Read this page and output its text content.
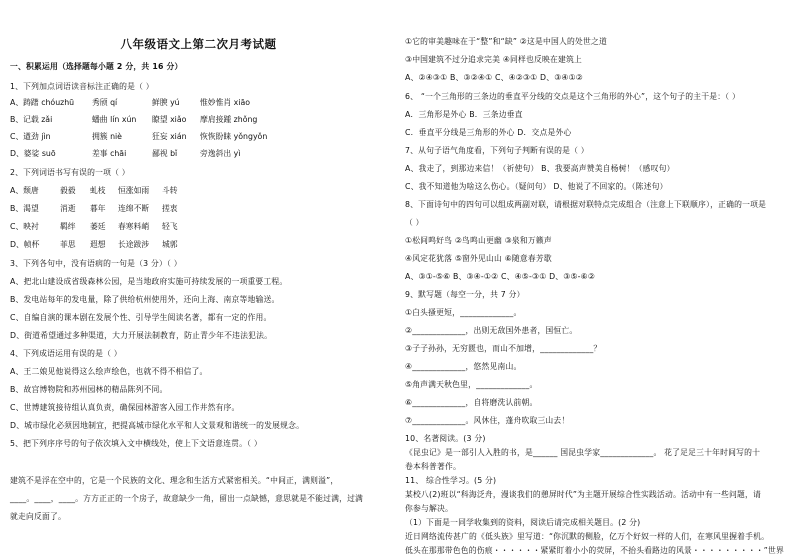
八年级语文上第二次月考试题
一、积累运用（选择题每小题 2 分，共 16 分）
1、下列加点词语读音标注正确的是（ ）
A、踌躇 chóuzhū 秀颀 qí	鲜腴 yú	惟妙惟肖 xiāo
B、记载 zǎi	蟠曲 lín xún 瞭望 xiǎo 摩肩接踵 zhǒng
C、遒劲 jìn	拥簇 niè	狂妄 xián 恢恢盼睐 yǒngyǒn
D、婆娑 suō	差事 chāi	鄙视 bǐ	旁逸斜出 yì
2、下列词语书写有误的一项（ ）
A、颓唐	毅毅 虬枝 恒涨如雨 斗转
B、渴望	消逝 暮年 连绵不断 搓衷
C、映衬	羁绊 萎廷 春寒料峭 轻飞
D、帧杯	菲思 遐想 长途跋涉 城郭
3、下列各句中，没有语病的一句是（3 分）（ ）
A、把北山建设成省级森林公园，是当地政府实施可持续发展的一项重要工程。
B、发电站每年的发电量，除了供给杭州使用外，还向上海、南京等地输送。
C、自编自演的课本剧在发展个性、引导学生阅读名著，都有一定的作用。
D、街道希望通过多种渠道，大力开展法制教育，防止青少年不违法犯法。
4、下列成语运用有误的是（ ）
A、王二娘见他说得这么绘声绘色，也就不得不相信了。
B、故宫博物院和苏州园林的精品陈列不同。
C、世博建筑接待组认真负责，确保园林游客入园工作井然有序。
D、城市绿化必须因地制宜，把提高城市绿化水平和人文景观和谐统一的发展规念。
5、把下列序序号的句子依次填入文中横线处，使上下文语意连贯。（ ）
建筑不是浮在空中的，它是一个民族的文化、理念和生活方式紧密相关。“中间正，满则溢”，
____。____，____。方方正正的一个房子，故意缺少一角，留出一点缺憾，意思就是不能过满，过满
就走向反面了。
①它的审美趣味在于“整”和“缺” ②这是中国人的处世之道
③中国建筑不过分追求完美 ④同样也反映在建筑上
A、②④③① B、③②④① C、④②③① D、③④①②
6、 “一个三角形的三条边的垂直平分线的交点是这个三角形的外心”，这个句子的主干是：（ ）
A．三角形是外心 B．三条边垂直
C．垂直平分线是三角形的外心 D．交点是外心
7、从句子语气角度看，下列句子判断有误的是（ ）
A、我走了，到那边来信！（祈使句） B、我要高声赞美自杨树！（感叹句）
C、我不知道他为啥这么伤心。（疑问句） D、他说了不回家的。（陈述句）
8、下面诗句中的四句可以组成两副对联，请根据对联特点完成组合（注意上下联顺序），正确的一项是
（ ）
①松间鸣好鸟 ②鸟鸣山更幽 ③泉和万籁声
④风定花犹落 ⑤窗外见山山 ⑥随意春芳歇
A、③①-⑤⑥ B、③④-①② C、④⑤-③① D、③⑤-⑥②
9、默写题（每空一分，共 7 分）
①白头搔更短，_____________。
②_____________，出则无敌国外患者，国恒亡。
③子子孙孙，无穷匮也，而山不加增，_____________？
④_____________，悠然见南山。
⑤角声满天秋色里，_____________。
⑥_____________，自将磨洗认前朝。
⑦_____________。风休住，蓬舟吹取三山去！
10、名著阅读。(3 分)
《昆虫记》是一部引人入胜的书，是______ 国昆虫学家_____________。 花了足足三十年时间写的十
卷本科普著作。
11、 综合性学习。(5 分)
某校八(2)班以“科海泛舟，漫谈我们的憩屏时代”为主题开展综合性实践活动。活动中有一些问题，请
你参与解决。
（1）下面是一同学收集到的资料，阅读后请完成相关题目。(2 分)
近日网络流传甚广的《低头族》里写道：“你沉默的侧脸，亿万个好奴一样的人们，在寒风里握着手机。
低头在那那带色色的伤痕・・・・・・紧紧盯着小小的荧屏，不抬头看路边的风景・・・・・・・・・”世界
